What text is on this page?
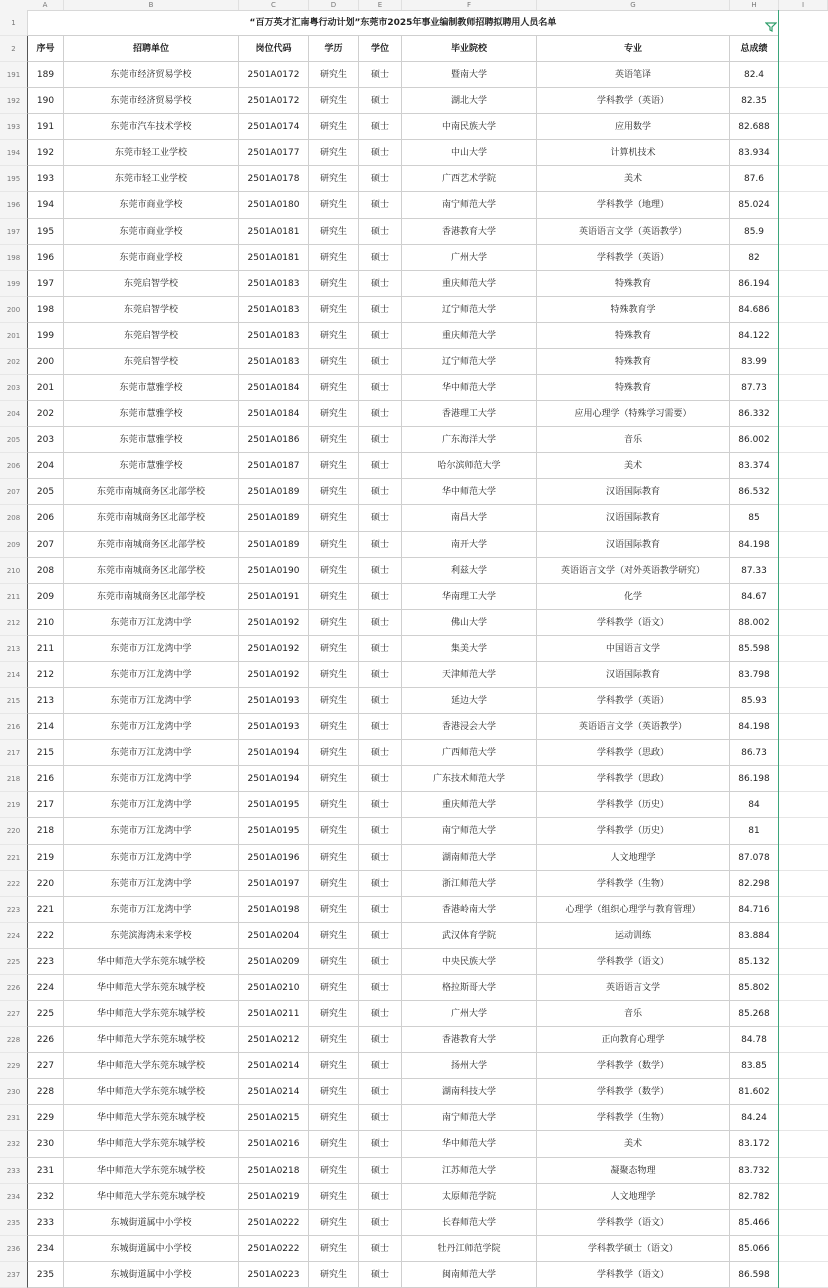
A	B	C	D	E	F	G	H	I
1
2
191
192
193
194
195
196
197
198
199
200
201
202
203
204
205
206
207
208
209
210
211
212
213
214
215
216
217
218
219
220
221
222
223
224
225
226
227
228
229
230
231
232
233
234
235
236
237
“百万英才汇南粤行动计划”东莞市2025年事业编制教师招聘拟聘用人员名单
序号	招聘单位	岗位代码	学历	学位	毕业院校	专业	总成绩
189	东莞市经济贸易学校	2501A0172	研究生	硕士	暨南大学	英语笔译	82.4
190	东莞市经济贸易学校	2501A0172	研究生	硕士	湖北大学	学科教学（英语）	82.35
191	东莞市汽车技术学校	2501A0174	研究生	硕士	中南民族大学	应用数学	82.688
192	东莞市轻工业学校	2501A0177	研究生	硕士	中山大学	计算机技术	83.934
193	东莞市轻工业学校	2501A0178	研究生	硕士	广西艺术学院	美术	87.6
194	东莞市商业学校	2501A0180	研究生	硕士	南宁师范大学	学科教学（地理）	85.024
195	东莞市商业学校	2501A0181	研究生	硕士	香港教育大学	英语语言文学（英语教学）	85.9
196	东莞市商业学校	2501A0181	研究生	硕士	广州大学	学科教学（英语）	82
197	东莞启智学校	2501A0183	研究生	硕士	重庆师范大学	特殊教育	86.194
198	东莞启智学校	2501A0183	研究生	硕士	辽宁师范大学	特殊教育学	84.686
199	东莞启智学校	2501A0183	研究生	硕士	重庆师范大学	特殊教育	84.122
200	东莞启智学校	2501A0183	研究生	硕士	辽宁师范大学	特殊教育	83.99
201	东莞市慧雅学校	2501A0184	研究生	硕士	华中师范大学	特殊教育	87.73
202	东莞市慧雅学校	2501A0184	研究生	硕士	香港理工大学	应用心理学（特殊学习需要）	86.332
203	东莞市慧雅学校	2501A0186	研究生	硕士	广东海洋大学	音乐	86.002
204	东莞市慧雅学校	2501A0187	研究生	硕士	哈尔滨师范大学	美术	83.374
205	东莞市南城商务区北部学校	2501A0189	研究生	硕士	华中师范大学	汉语国际教育	86.532
206	东莞市南城商务区北部学校	2501A0189	研究生	硕士	南昌大学	汉语国际教育	85
207	东莞市南城商务区北部学校	2501A0189	研究生	硕士	南开大学	汉语国际教育	84.198
208	东莞市南城商务区北部学校	2501A0190	研究生	硕士	利兹大学	英语语言文学（对外英语教学研究）	87.33
209	东莞市南城商务区北部学校	2501A0191	研究生	硕士	华南理工大学	化学	84.67
210	东莞市万江龙湾中学	2501A0192	研究生	硕士	佛山大学	学科教学（语文）	88.002
211	东莞市万江龙湾中学	2501A0192	研究生	硕士	集美大学	中国语言文学	85.598
212	东莞市万江龙湾中学	2501A0192	研究生	硕士	天津师范大学	汉语国际教育	83.798
213	东莞市万江龙湾中学	2501A0193	研究生	硕士	延边大学	学科教学（英语）	85.93
214	东莞市万江龙湾中学	2501A0193	研究生	硕士	香港浸会大学	英语语言文学（英语教学）	84.198
215	东莞市万江龙湾中学	2501A0194	研究生	硕士	广西师范大学	学科教学（思政）	86.73
216	东莞市万江龙湾中学	2501A0194	研究生	硕士	广东技术师范大学	学科教学（思政）	86.198
217	东莞市万江龙湾中学	2501A0195	研究生	硕士	重庆师范大学	学科教学（历史）	84
218	东莞市万江龙湾中学	2501A0195	研究生	硕士	南宁师范大学	学科教学（历史）	81
219	东莞市万江龙湾中学	2501A0196	研究生	硕士	湖南师范大学	人文地理学	87.078
220	东莞市万江龙湾中学	2501A0197	研究生	硕士	浙江师范大学	学科教学（生物）	82.298
221	东莞市万江龙湾中学	2501A0198	研究生	硕士	香港岭南大学	心理学（组织心理学与教育管理）	84.716
222	东莞滨海湾未来学校	2501A0204	研究生	硕士	武汉体育学院	运动训练	83.884
223	华中师范大学东莞东城学校	2501A0209	研究生	硕士	中央民族大学	学科教学（语文）	85.132
224	华中师范大学东莞东城学校	2501A0210	研究生	硕士	格拉斯哥大学	英语语言文学	85.802
225	华中师范大学东莞东城学校	2501A0211	研究生	硕士	广州大学	音乐	85.268
226	华中师范大学东莞东城学校	2501A0212	研究生	硕士	香港教育大学	正向教育心理学	84.78
227	华中师范大学东莞东城学校	2501A0214	研究生	硕士	扬州大学	学科教学（数学）	83.85
228	华中师范大学东莞东城学校	2501A0214	研究生	硕士	湖南科技大学	学科教学（数学）	81.602
229	华中师范大学东莞东城学校	2501A0215	研究生	硕士	南宁师范大学	学科教学（生物）	84.24
230	华中师范大学东莞东城学校	2501A0216	研究生	硕士	华中师范大学	美术	83.172
231	华中师范大学东莞东城学校	2501A0218	研究生	硕士	江苏师范大学	凝聚态物理	83.732
232	华中师范大学东莞东城学校	2501A0219	研究生	硕士	太原师范学院	人文地理学	82.782
233	东城街道属中小学校	2501A0222	研究生	硕士	长春师范大学	学科教学（语文）	85.466
234	东城街道属中小学校	2501A0222	研究生	硕士	牡丹江师范学院	学科教学硕士（语文）	85.066
235	东城街道属中小学校	2501A0223	研究生	硕士	闽南师范大学	学科教学（语文）	86.598
